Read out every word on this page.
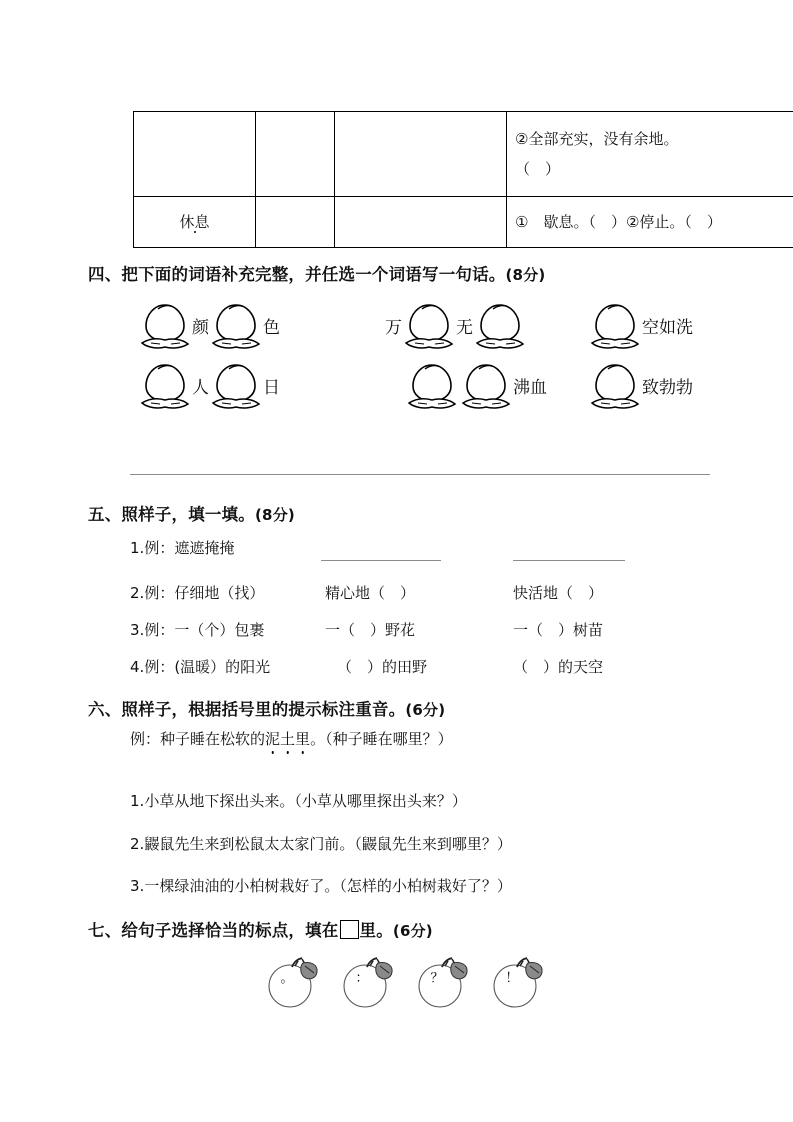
			②全部充实，没有余地。
（　）

休息			①　歇息。（　）②停止。（　）
四、把下面的词语补充完整，并任选一个词语写一句话。(8分)
颜	色	万	无	空如洗
人	日	沸血	致勃勃
五、照样子，填一填。(8分)
1.例：遮遮掩掩
2.例：仔细地（找）	精心地（　）	快活地（　）
3.例：一（个）包裹	一（　）野花	一（　）树苗
4.例：(温暖）的阳光	（　）的田野	（　）的天空
六、照样子，根据括号里的提示标注重音。(6分)
例：种子睡在松软的泥土里。（种子睡在哪里？）
1.小草从地下探出头来。（小草从哪里探出头来？）
2.鼹鼠先生来到松鼠太太家门前。（鼹鼠先生来到哪里？）
3.一棵绿油油的小柏树栽好了。（怎样的小柏树栽好了？）
七、给句子选择恰当的标点，填在 里。(6分)
。	：	？	！
